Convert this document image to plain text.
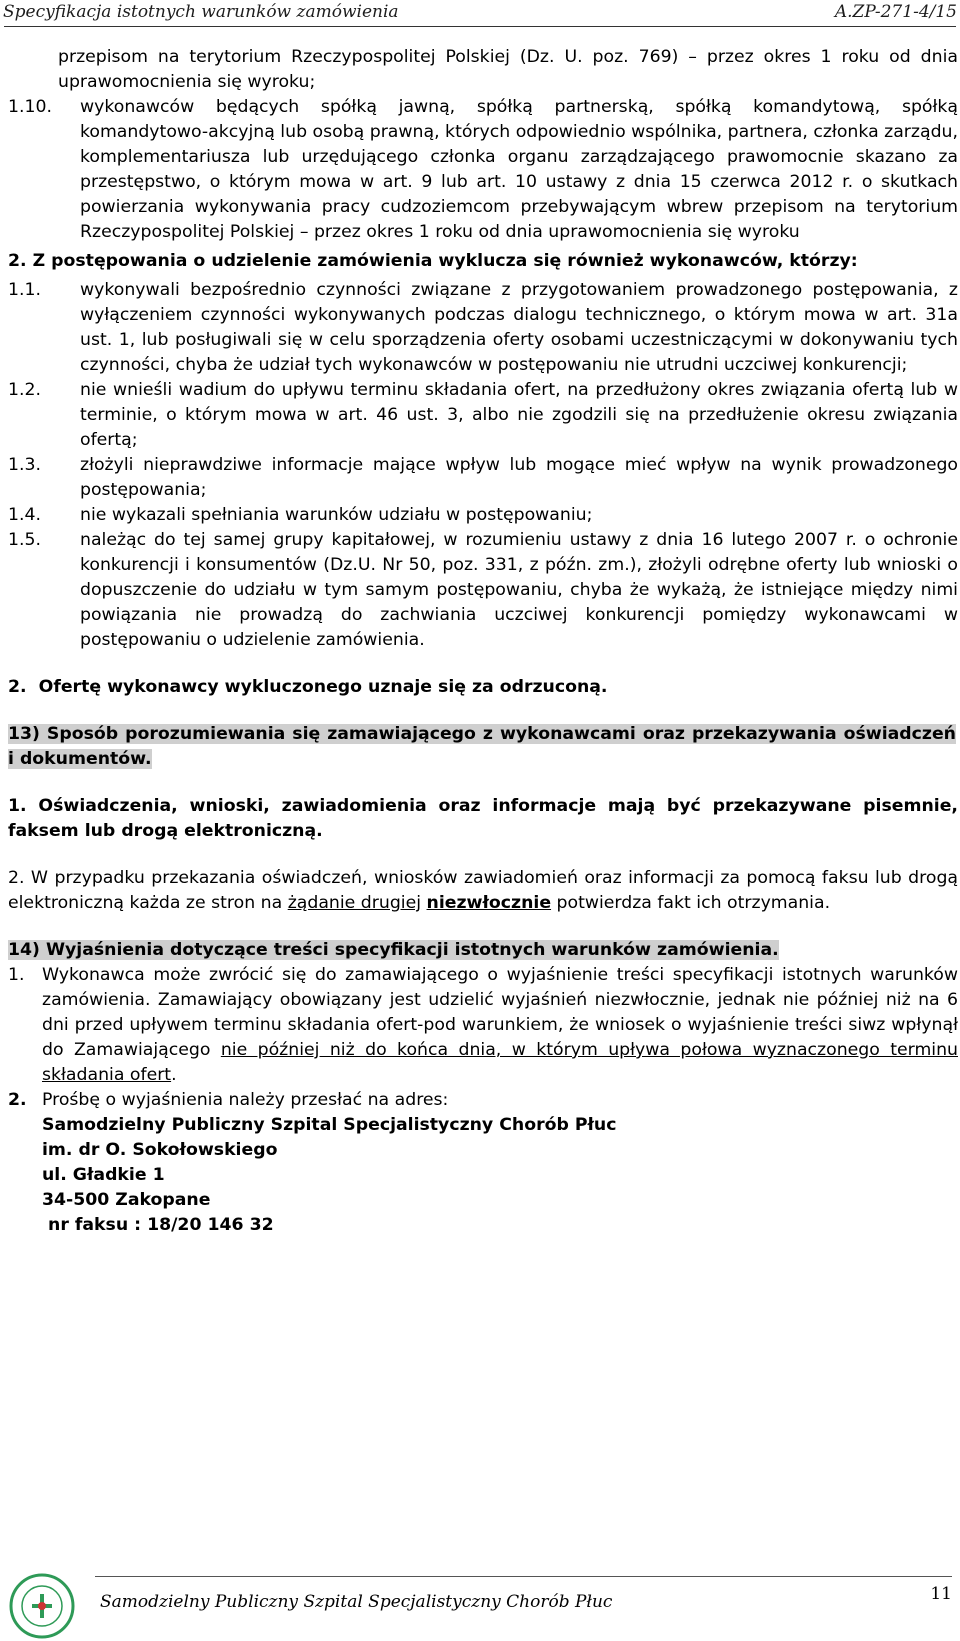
Specyfikacja istotnych warunków zamówienia	A.ZP-271-4/15
przepisom na terytorium Rzeczypospolitej Polskiej (Dz. U. poz. 769) – przez okres 1 roku od dnia uprawomocnienia się wyroku;
1.10.	wykonawców będących spółką jawną, spółką partnerską, spółką komandytową, spółką komandytowo-akcyjną lub osobą prawną, których odpowiednio wspólnika, partnera, członka zarządu, komplementariusza lub urzędującego członka organu zarządzającego prawomocnie skazano za przestępstwo, o którym mowa w art. 9 lub art. 10 ustawy z dnia 15 czerwca 2012 r. o skutkach powierzania wykonywania pracy cudzoziemcom przebywającym wbrew przepisom na terytorium Rzeczypospolitej Polskiej – przez okres 1 roku od dnia uprawomocnienia się wyroku
2. Z postępowania o udzielenie zamówienia wyklucza się również wykonawców, którzy:
1.1.	wykonywali bezpośrednio czynności związane z przygotowaniem prowadzonego postępowania, z wyłączeniem czynności wykonywanych podczas dialogu technicznego, o którym mowa w art. 31a ust. 1, lub posługiwali się w celu sporządzenia oferty osobami uczestniczącymi w dokonywaniu tych czynności, chyba że udział tych wykonawców w postępowaniu nie utrudni uczciwej konkurencji;
1.2.	nie wnieśli wadium do upływu terminu składania ofert, na przedłużony okres związania ofertą lub w terminie, o którym mowa w art. 46 ust. 3, albo nie zgodzili się na przedłużenie okresu związania ofertą;
1.3.	złożyli nieprawdziwe informacje mające wpływ lub mogące mieć wpływ na wynik prowadzonego postępowania;
1.4.	nie wykazali spełniania warunków udziału w postępowaniu;
1.5.	należąc do tej samej grupy kapitałowej, w rozumieniu ustawy z dnia 16 lutego 2007 r. o ochronie konkurencji i konsumentów (Dz.U. Nr 50, poz. 331, z późn. zm.), złożyli odrębne oferty lub wnioski o dopuszczenie do udziału w tym samym postępowaniu, chyba że wykażą, że istniejące między nimi powiązania nie prowadzą do zachwiania uczciwej konkurencji pomiędzy wykonawcami w postępowaniu o udzielenie zamówienia.
2.  Ofertę wykonawcy wykluczonego uznaje się za odrzuconą.
13) Sposób porozumiewania się zamawiającego z wykonawcami oraz przekazywania oświadczeń i dokumentów.
1. Oświadczenia, wnioski, zawiadomienia oraz informacje mają być przekazywane pisemnie, faksem lub drogą elektroniczną.
2. W przypadku przekazania oświadczeń, wniosków zawiadomień oraz informacji za pomocą faksu lub drogą elektroniczną każda ze stron na żądanie drugiej niezwłocznie potwierdza fakt ich otrzymania.
14) Wyjaśnienia dotyczące treści specyfikacji istotnych warunków zamówienia.
1.	Wykonawca może zwrócić się do zamawiającego o wyjaśnienie treści specyfikacji istotnych warunków zamówienia. Zamawiający obowiązany jest udzielić wyjaśnień niezwłocznie, jednak nie później niż na 6 dni przed upływem terminu składania ofert-pod warunkiem, że wniosek o wyjaśnienie treści siwz wpłynął do Zamawiającego nie później niż do końca dnia, w którym upływa połowa wyznaczonego terminu składania ofert.
2. Prośbę o wyjaśnienia należy przesłać na adres:
Samodzielny Publiczny Szpital Specjalistyczny Chorób Płuc
im. dr O. Sokołowskiego
ul. Gładkie 1
34-500 Zakopane
nr faksu : 18/20 146 32
Samodzielny Publiczny Szpital Specjalistyczny Chorób Płuc	11
